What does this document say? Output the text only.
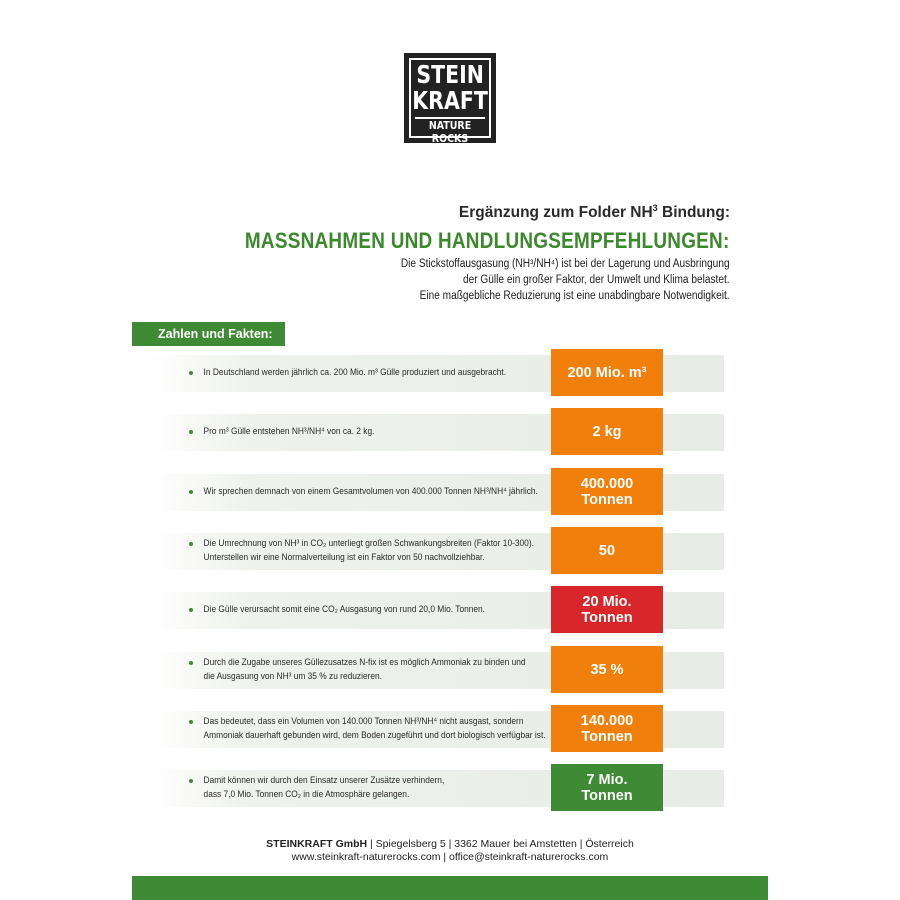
STEIN
KRAFT
NATURE ROCKS
Ergänzung zum Folder $NH^3$ Bindung:
MASSNAHMEN UND HANDLUNGSEMPFEHLUNGEN:
Die Stickstoffausgasung (NH³/NH⁴) ist bei der Lagerung und Ausbringung
der Gülle ein großer Faktor, der Umwelt und Klima belastet.
Eine maßgebliche Reduzierung ist eine unabdingbare Notwendigkeit.
Zahlen und Fakten:
In Deutschland werden jährlich ca. 200 Mio. m³ Gülle produziert und ausgebracht.	200 Mio. m³
Pro m³ Gülle entstehen NH³/NH⁴ von ca. 2 kg.	2 kg
Wir sprechen demnach von einem Gesamtvolumen von 400.000 Tonnen NH³/NH⁴ jährlich.	400.000
Tonnen
Die Umrechnung von NH³ in CO₂ unterliegt großen Schwankungsbreiten (Faktor 10-300).
Unterstellen wir eine Normalverteilung ist ein Faktor von 50 nachvollziehbar.	50
Die Gülle verursacht somit eine CO₂ Ausgasung von rund 20,0 Mio. Tonnen.	20 Mio.
Tonnen
Durch die Zugabe unseres Güllezusatzes N-fix ist es möglich Ammoniak zu binden und
die Ausgasung von NH³ um 35 % zu reduzieren.	35 %
Das bedeutet, dass ein Volumen von 140.000 Tonnen NH³/NH⁴ nicht ausgast, sondern
Ammoniak dauerhaft gebunden wird, dem Boden zugeführt und dort biologisch verfügbar ist.
140.000
Tonnen
Damit können wir durch den Einsatz unserer Zusätze verhindern,
dass 7,0 Mio. Tonnen CO₂ in die Atmosphäre gelangen.
7 Mio.
Tonnen
STEINKRAFT GmbH | Spiegelsberg 5 | 3362 Mauer bei Amstetten | Österreich
www.steinkraft-naturerocks.com | office@steinkraft-naturerocks.com
